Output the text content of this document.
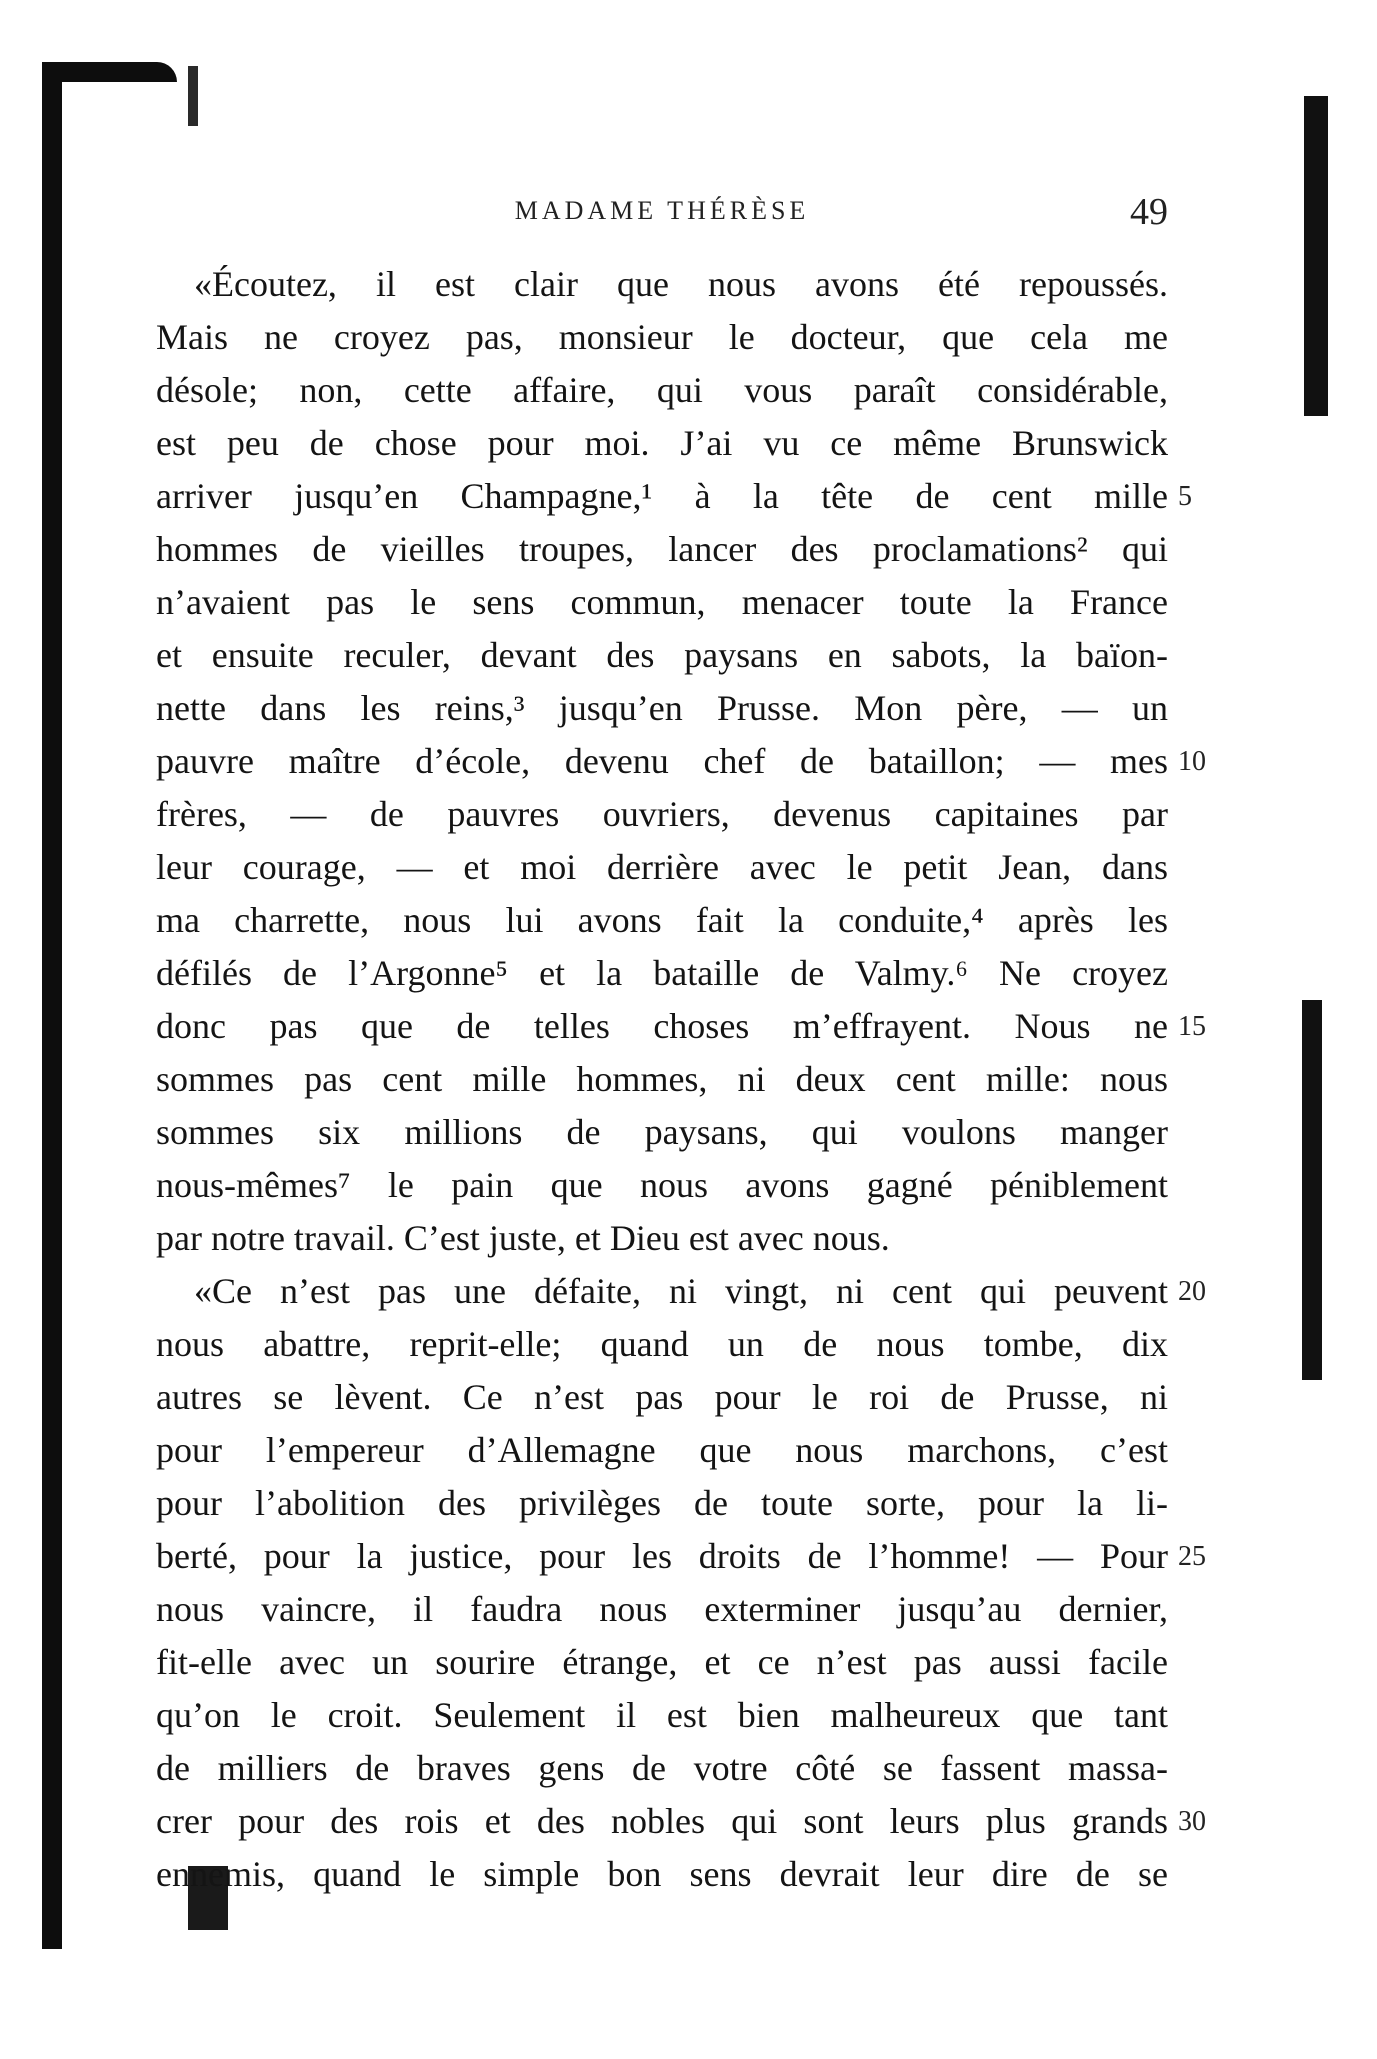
MADAME THÉRÈSE	49
«Écoutez, il est clair que nous avons été repoussés.
Mais ne croyez pas, monsieur le docteur, que cela me
désole; non, cette affaire, qui vous paraît considérable,
est peu de chose pour moi. J’ai vu ce même Brunswick
arriver jusqu’en Champagne,¹ à la tête de cent mille 5
hommes de vieilles troupes, lancer des proclamations² qui
n’avaient pas le sens commun, menacer toute la France
et ensuite reculer, devant des paysans en sabots, la baïon-
nette dans les reins,³ jusqu’en Prusse. Mon père, — un
pauvre maître d’école, devenu chef de bataillon; — mes 10
frères, — de pauvres ouvriers, devenus capitaines par
leur courage, — et moi derrière avec le petit Jean, dans
ma charrette, nous lui avons fait la conduite,⁴ après les
défilés de l’Argonne⁵ et la bataille de Valmy.⁶ Ne croyez
donc pas que de telles choses m’effrayent. Nous ne 15
sommes pas cent mille hommes, ni deux cent mille: nous
sommes six millions de paysans, qui voulons manger
nous-mêmes⁷ le pain que nous avons gagné péniblement
par notre travail. C’est juste, et Dieu est avec nous.
«Ce n’est pas une défaite, ni vingt, ni cent qui peuvent 20
nous abattre, reprit-elle; quand un de nous tombe, dix
autres se lèvent. Ce n’est pas pour le roi de Prusse, ni
pour l’empereur d’Allemagne que nous marchons, c’est
pour l’abolition des privilèges de toute sorte, pour la li-
berté, pour la justice, pour les droits de l’homme! — Pour 25
nous vaincre, il faudra nous exterminer jusqu’au dernier,
fit-elle avec un sourire étrange, et ce n’est pas aussi facile
qu’on le croit. Seulement il est bien malheureux que tant
de milliers de braves gens de votre côté se fassent massa-
crer pour des rois et des nobles qui sont leurs plus grands 30
ennemis, quand le simple bon sens devrait leur dire de se
